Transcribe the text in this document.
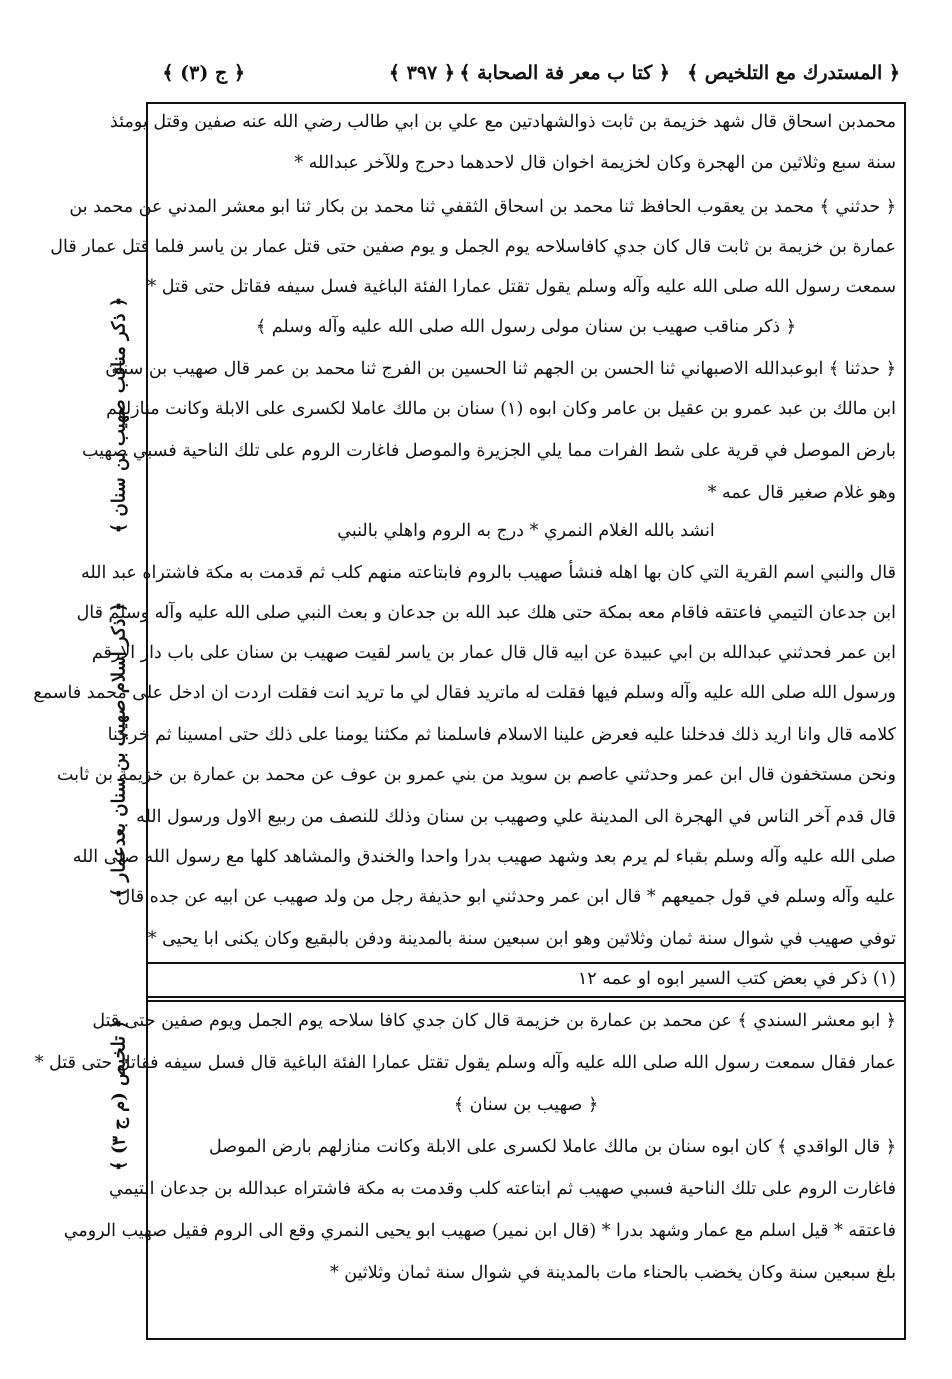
﴿ المستدرك مع التلخيص ﴾
﴿ كتا ب معر فة الصحابة ﴾
﴿ ٣٩٧ ﴾
﴿ ج (٣) ﴾
﴿ ذكر مناقب صهيب بن سنان ﴾
﴿ ذكر اسلام صهيب بن سنان بعدعمار ﴾
﴿ تلخيص (م ج ٣) ﴾
محمدبن اسحاق قال شهد خزيمة بن ثابت ذوالشهادتين مع علي بن ابي طالب رضي الله عنه صفين وقتل يومئذ
سنة سبع وثلاثين من الهجرة وكان لخزيمة اخوان قال لاحدهما دحرج وللآخر عبدالله *
﴿ حدثني ﴾ محمد بن يعقوب الحافظ ثنا محمد بن اسحاق الثقفي ثنا محمد بن بكار ثنا ابو معشر المدني عن محمد بن
عمارة بن خزيمة بن ثابت قال كان جدي كافاسلاحه يوم الجمل و يوم صفين حتى قتل عمار بن ياسر فلما قتل عمار قال
سمعت رسول الله صلى الله عليه وآله وسلم يقول تقتل عمارا الفئة الباغية فسل سيفه فقاتل حتى قتل *
﴿ ذكر مناقب صهيب بن سنان مولى رسول الله صلى الله عليه وآله وسلم ﴾
﴿ حدثنا ﴾ ابوعبدالله الاصبهاني ثنا الحسن بن الجهم ثنا الحسين بن الفرج ثنا محمد بن عمر قال صهيب بن سنان
ابن مالك بن عبد عمرو بن عقيل بن عامر وكان ابوه (١) سنان بن مالك عاملا لكسرى على الابلة وكانت منازلهم
بارض الموصل في قرية على شط الفرات مما يلي الجزيرة والموصل فاغارت الروم على تلك الناحية فسبي صهيب
وهو غلام صغير قال عمه *
انشد بالله الغلام النمري * درج به الروم واهلي بالنبي
قال والنبي اسم القرية التي كان بها اهله فنشأ صهيب بالروم فابتاعته منهم كلب ثم قدمت به مكة فاشتراه عبد الله
ابن جدعان التيمي فاعتقه فاقام معه بمكة حتى هلك عبد الله بن جدعان و بعث النبي صلى الله عليه وآله وسلم قال
ابن عمر فحدثني عبدالله بن ابي عبيدة عن ابيه قال قال عمار بن ياسر لقيت صهيب بن سنان على باب دار الارقم
ورسول الله صلى الله عليه وآله وسلم فيها فقلت له ماتريد فقال لي ما تريد انت فقلت اردت ان ادخل على محمد فاسمع
كلامه قال وانا اريد ذلك فدخلنا عليه فعرض علينا الاسلام فاسلمنا ثم مكثنا يومنا على ذلك حتى امسينا ثم خرجنا
ونحن مستخفون قال ابن عمر وحدثني عاصم بن سويد من بني عمرو بن عوف عن محمد بن عمارة بن خزيمة بن ثابت
قال قدم آخر الناس في الهجرة الى المدينة علي وصهيب بن سنان وذلك للنصف من ربيع الاول ورسول الله
صلى الله عليه وآله وسلم بقباء لم يرم بعد وشهد صهيب بدرا واحدا والخندق والمشاهد كلها مع رسول الله صلى الله
عليه وآله وسلم في قول جميعهم * قال ابن عمر وحدثني ابو حذيفة رجل من ولد صهيب عن ابيه عن جده قال
توفي صهيب في شوال سنة ثمان وثلاثين وهو ابن سبعين سنة بالمدينة ودفن بالبقيع وكان يكنى ابا يحيى *
(١) ذكر في بعض كتب السير ابوه او عمه ١٢
﴿ ابو معشر السندي ﴾ عن محمد بن عمارة بن خزيمة قال كان جدي كافا سلاحه يوم الجمل ويوم صفين حتى قتل
عمار فقال سمعت رسول الله صلى الله عليه وآله وسلم يقول تقتل عمارا الفئة الباغية قال فسل سيفه فقاتل حتى قتل *
﴿ صهيب بن سنان ﴾
﴿ قال الواقدي ﴾ كان ابوه سنان بن مالك عاملا لكسرى على الابلة وكانت منازلهم بارض الموصل
فاغارت الروم على تلك الناحية فسبي صهيب ثم ابتاعته كلب وقدمت به مكة فاشتراه عبدالله بن جدعان التيمي
فاعتقه * قيل اسلم مع عمار وشهد بدرا * (قال ابن نمير) صهيب ابو يحيى النمري وقع الى الروم فقيل صهيب الرومي
بلغ سبعين سنة وكان يخضب بالحناء مات بالمدينة في شوال سنة ثمان وثلاثين *
